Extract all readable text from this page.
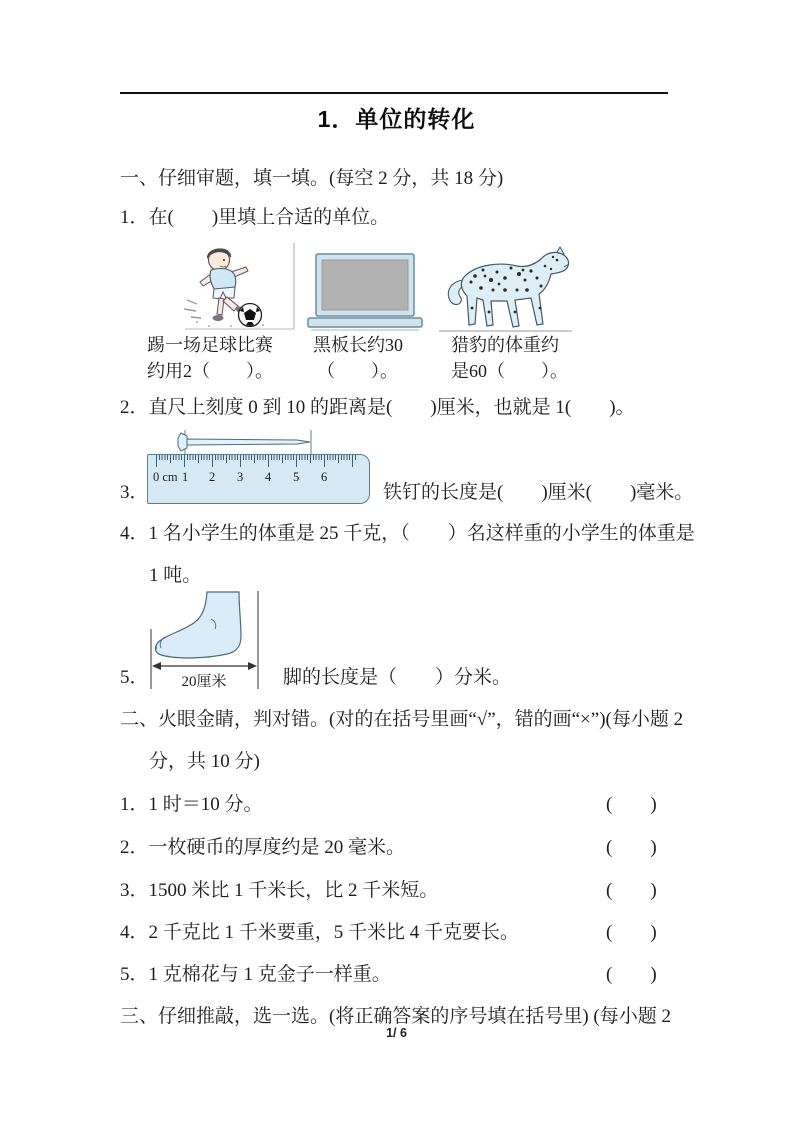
1．单位的转化
一、仔细审题，填一填。(每空 2 分，共 18 分)
1．在(　　)里填上合适的单位。
踢一场足球比赛
约用2（　　）。
黑板长约30
（　　）。
猎豹的体重约
是60（　　）。
2．直尺上刻度 0 到 10 的距离是(　　)厘米，也就是 1(　　)。
0 cm 1 2 3 4 5 6
3．	铁钉的长度是(　　)厘米(　　)毫米。
4．1 名小学生的体重是 25 千克，（　　）名这样重的小学生的体重是
1 吨。
20厘米
5．	脚的长度是（　　）分米。
二、火眼金睛，判对错。(对的在括号里画“√”，错的画“×”)(每小题 2
分，共 10 分)
1．1 时＝10 分。	(　　)
2．一枚硬币的厚度约是 20 毫米。	(　　)
3．1500 米比 1 千米长，比 2 千米短。	(　　)
4．2 千克比 1 千米要重，5 千米比 4 千克要长。	(　　)
5．1 克棉花与 1 克金子一样重。	(　　)
三、仔细推敲，选一选。(将正确答案的序号填在括号里) (每小题 2
1/ 6
